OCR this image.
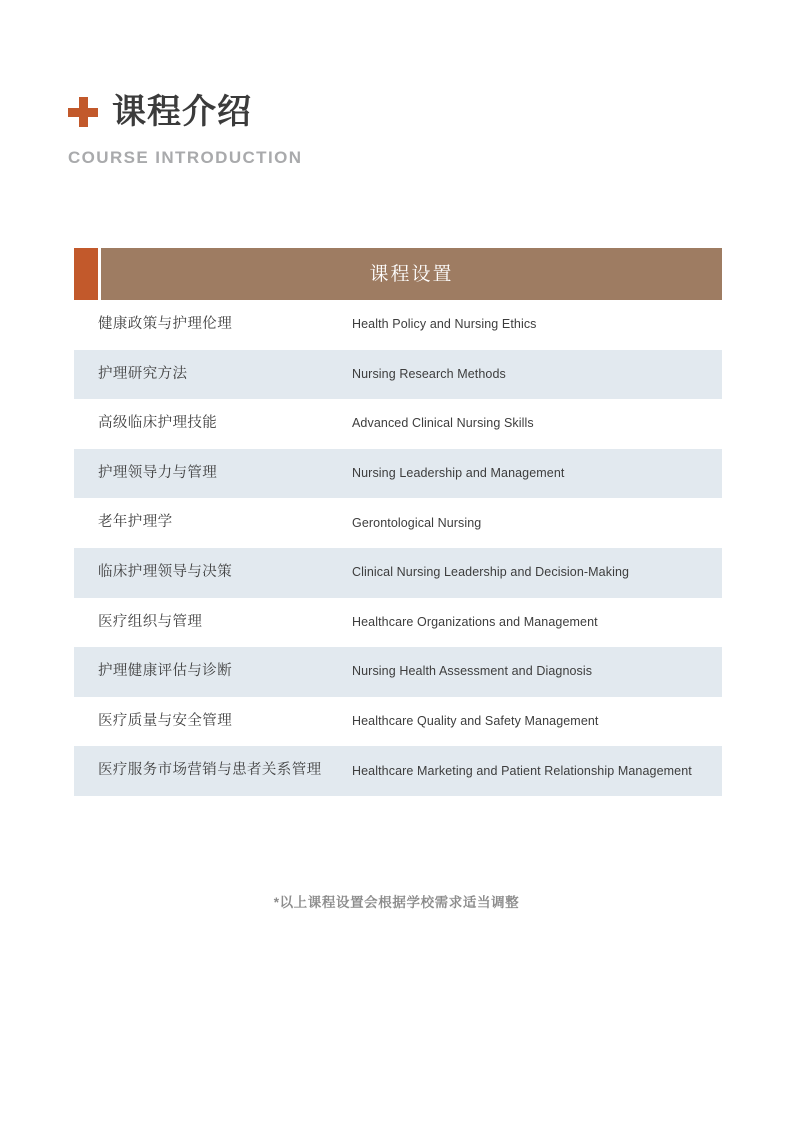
课程介绍
COURSE INTRODUCTION
课程设置
健康政策与护理伦理	Health Policy and Nursing Ethics
护理研究方法	Nursing Research Methods
高级临床护理技能	Advanced Clinical Nursing Skills
护理领导力与管理	Nursing Leadership and Management
老年护理学	Gerontological Nursing
临床护理领导与决策	Clinical Nursing Leadership and Decision-Making
医疗组织与管理	Healthcare Organizations and Management
护理健康评估与诊断	Nursing Health Assessment and Diagnosis
医疗质量与安全管理	Healthcare Quality and Safety Management
医疗服务市场营销与患者关系管理	Healthcare Marketing and Patient Relationship Management
*以上课程设置会根据学校需求适当调整
